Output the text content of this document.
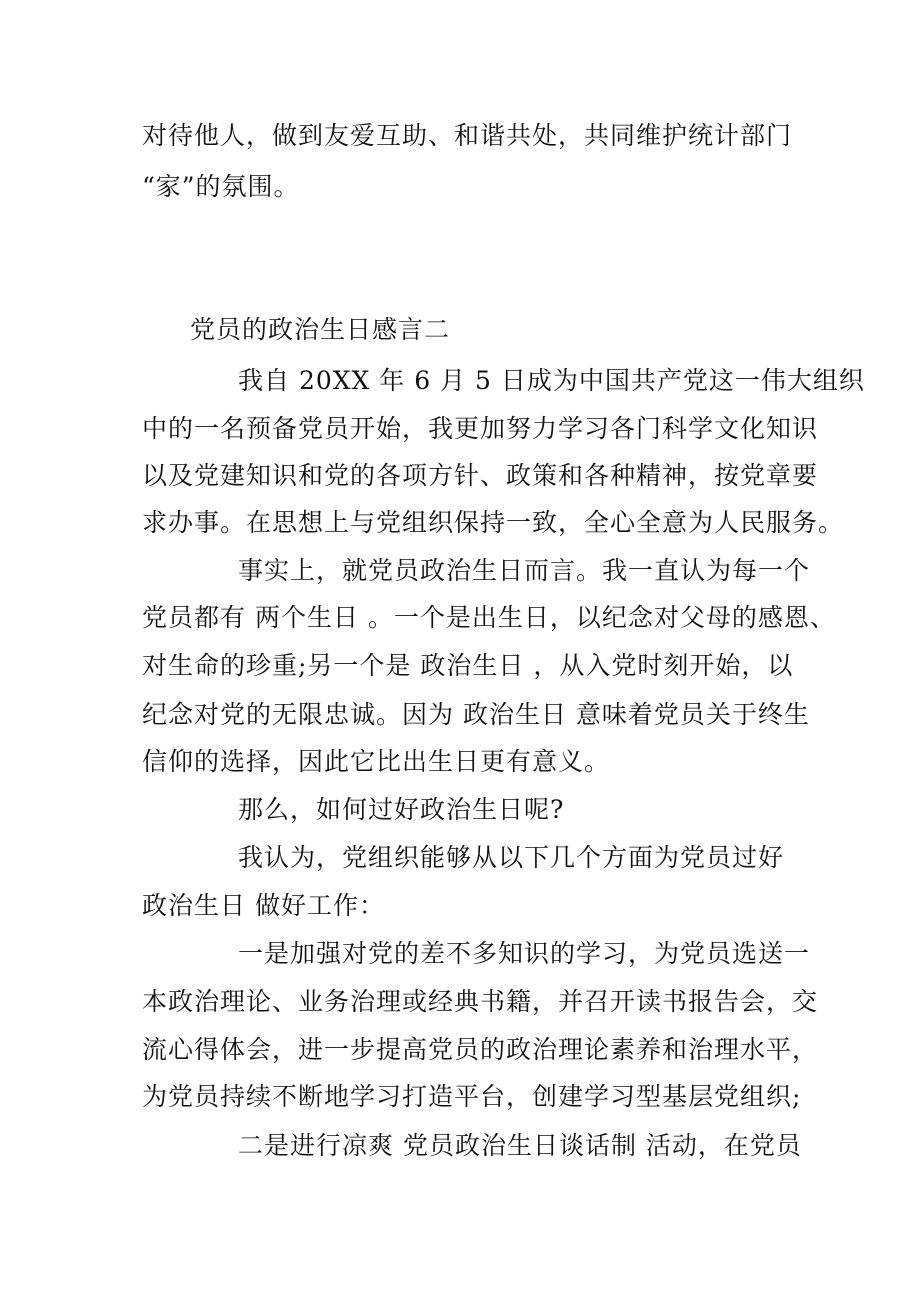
对待他人，做到友爱互助、和谐共处，共同维护统计部门
“家”的氛围。
党员的政治生日感言二
我自 20XX 年 6 月 5 日成为中国共产党这一伟大组织
中的一名预备党员开始，我更加努力学习各门科学文化知识
以及党建知识和党的各项方针、政策和各种精神，按党章要
求办事。在思想上与党组织保持一致，全心全意为人民服务。
事实上，就党员政治生日而言。我一直认为每一个
党员都有 两个生日 。一个是出生日，以纪念对父母的感恩、
对生命的珍重;另一个是 政治生日 ，从入党时刻开始，以
纪念对党的无限忠诚。因为 政治生日 意味着党员关于终生
信仰的选择，因此它比出生日更有意义。
那么，如何过好政治生日呢?
我认为，党组织能够从以下几个方面为党员过好
政治生日 做好工作：
一是加强对党的差不多知识的学习，为党员选送一
本政治理论、业务治理或经典书籍，并召开读书报告会，交
流心得体会，进一步提高党员的政治理论素养和治理水平，
为党员持续不断地学习打造平台，创建学习型基层党组织;
二是进行凉爽 党员政治生日谈话制 活动，在党员
